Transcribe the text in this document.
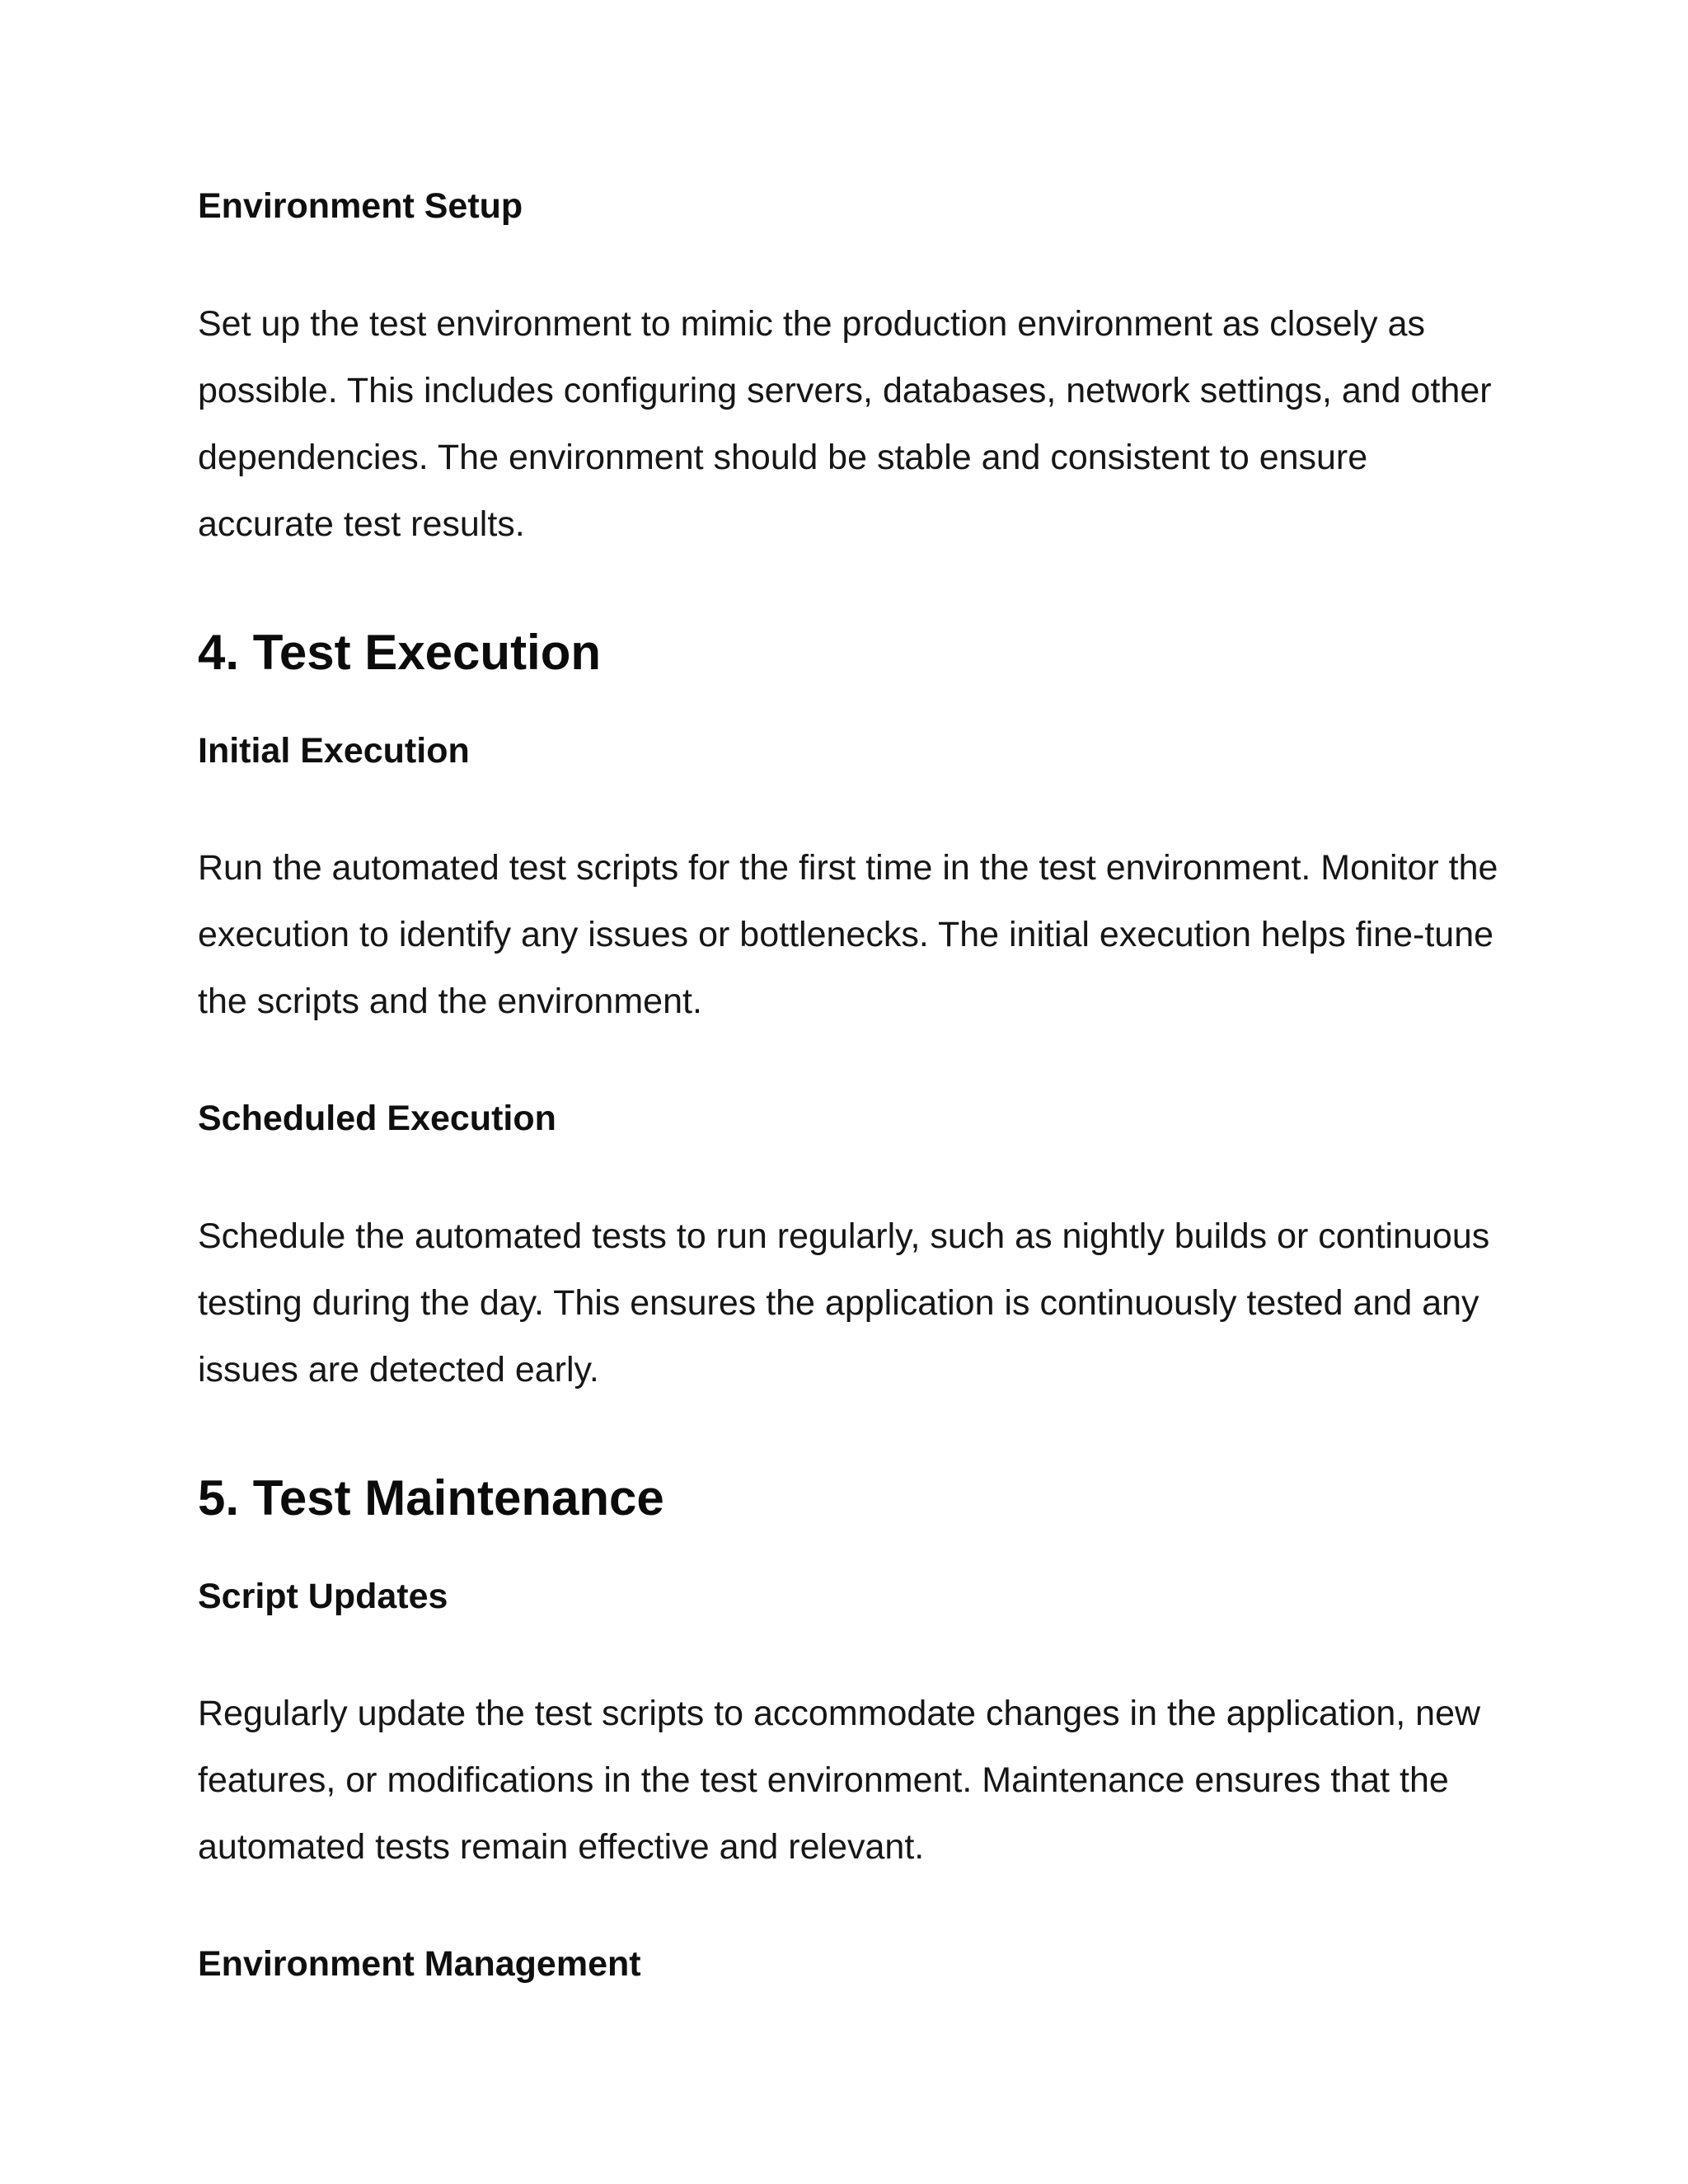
Environment Setup

Set up the test environment to mimic the production environment as closely as possible. This includes configuring servers, databases, network settings, and other dependencies. The environment should be stable and consistent to ensure accurate test results.

4. Test Execution
Initial Execution

Run the automated test scripts for the first time in the test environment. Monitor the execution to identify any issues or bottlenecks. The initial execution helps fine-tune the scripts and the environment.

Scheduled Execution

Schedule the automated tests to run regularly, such as nightly builds or continuous testing during the day. This ensures the application is continuously tested and any issues are detected early.

5. Test Maintenance
Script Updates

Regularly update the test scripts to accommodate changes in the application, new features, or modifications in the test environment. Maintenance ensures that the automated tests remain effective and relevant.

Environment Management
